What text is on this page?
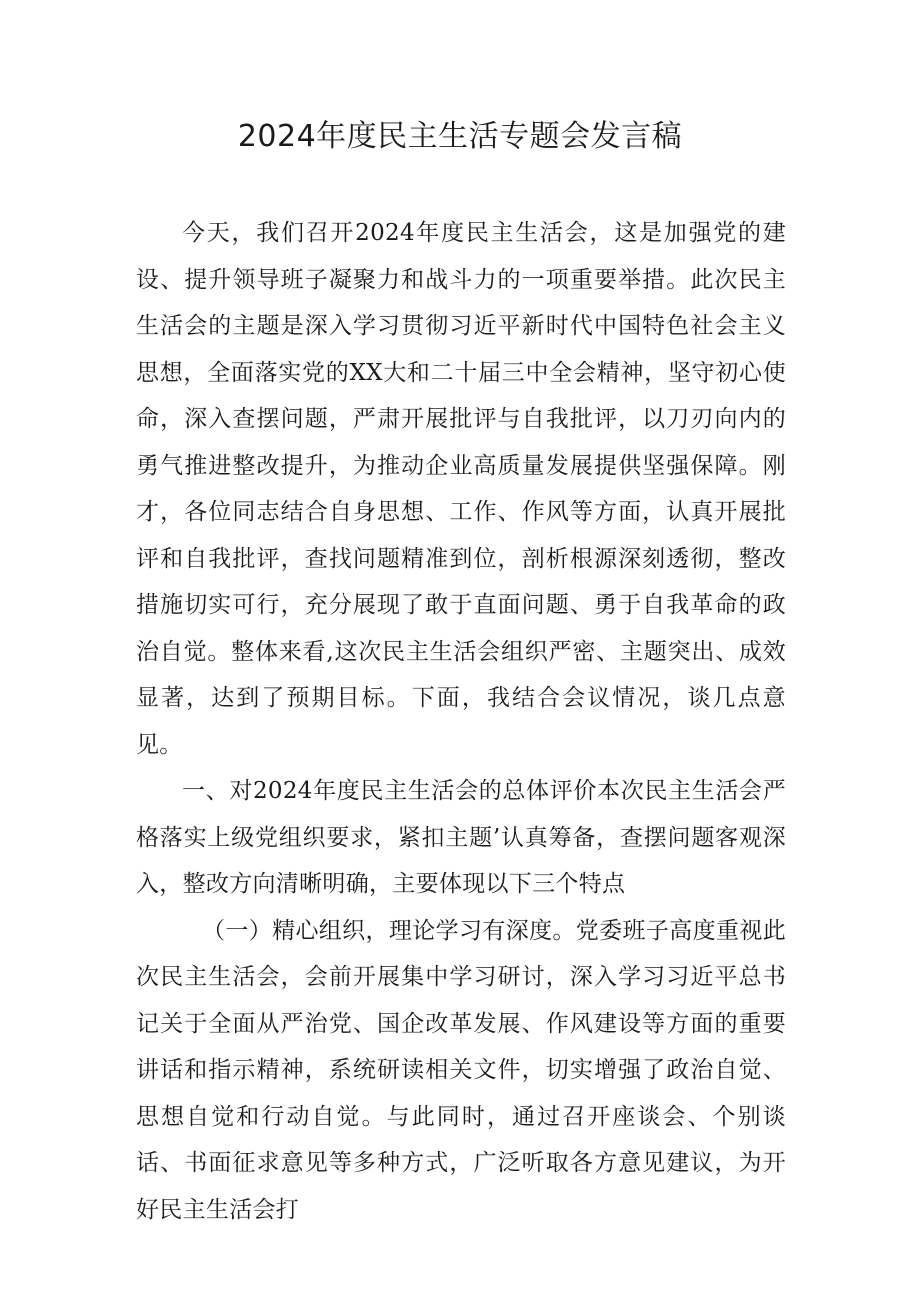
2024年度民主生活专题会发言稿

今天，我们召开2024年度民主生活会，这是加强党的建设、提升领导班子凝聚力和战斗力的一项重要举措。此次民主生活会的主题是深入学习贯彻习近平新时代中国特色社会主义思想，全面落实党的XX大和二十届三中全会精神，坚守初心使命，深入查摆问题，严肃开展批评与自我批评，以刀刃向内的勇气推进整改提升，为推动企业高质量发展提供坚强保障。刚才，各位同志结合自身思想、工作、作风等方面，认真开展批评和自我批评，查找问题精准到位，剖析根源深刻透彻，整改措施切实可行，充分展现了敢于直面问题、勇于自我革命的政治自觉。整体来看,这次民主生活会组织严密、主题突出、成效显著，达到了预期目标。下面，我结合会议情况，谈几点意见。

一、对2024年度民主生活会的总体评价本次民主生活会严格落实上级党组织要求，紧扣主题’认真筹备，查摆问题客观深入，整改方向清晰明确，主要体现以下三个特点

（一）精心组织，理论学习有深度。党委班子高度重视此次民主生活会，会前开展集中学习研讨，深入学习习近平总书记关于全面从严治党、国企改革发展、作风建设等方面的重要讲话和指示精神，系统研读相关文件，切实增强了政治自觉、思想自觉和行动自觉。与此同时，通过召开座谈会、个别谈话、书面征求意见等多种方式，广泛听取各方意见建议，为开好民主生活会打
